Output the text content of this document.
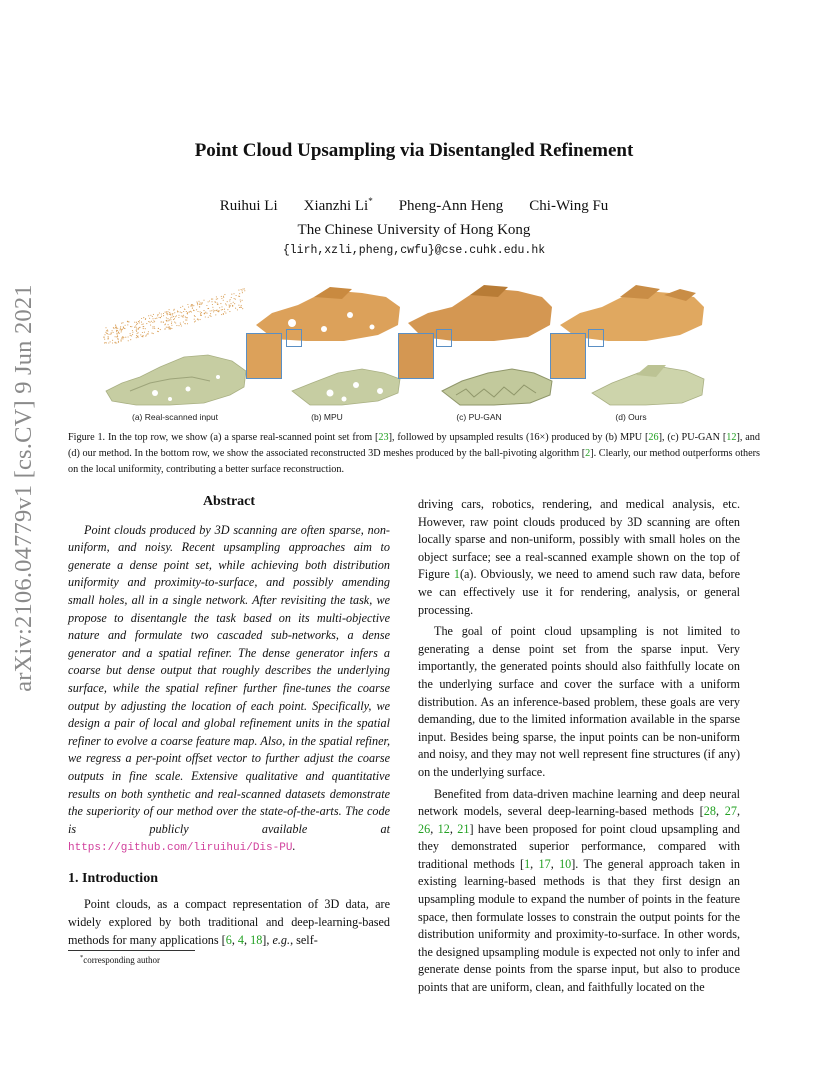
arXiv:2106.04779v1 [cs.CV] 9 Jun 2021
Point Cloud Upsampling via Disentangled Refinement
Ruihui Li Xianzhi Li* Pheng-Ann Heng Chi-Wing Fu
The Chinese University of Hong Kong
{lirh,xzli,pheng,cwfu}@cse.cuhk.edu.hk
(a) Real-scanned input	(b) MPU	(c) PU-GAN	(d) Ours
Figure 1. In the top row, we show (a) a sparse real-scanned point set from [23], followed by upsampled results (16×) produced by (b) MPU [26], (c) PU-GAN [12], and (d) our method. In the bottom row, we show the associated reconstructed 3D meshes produced by the ball-pivoting algorithm [2]. Clearly, our method outperforms others on the local uniformity, contributing a better surface reconstruction.
Abstract

Point clouds produced by 3D scanning are often sparse, non-uniform, and noisy. Recent upsampling approaches aim to generate a dense point set, while achieving both distribution uniformity and proximity-to-surface, and possibly amending small holes, all in a single network. After revisiting the task, we propose to disentangle the task based on its multi-objective nature and formulate two cascaded sub-networks, a dense generator and a spatial refiner. The dense generator infers a coarse but dense output that roughly describes the underlying surface, while the spatial refiner further fine-tunes the coarse output by adjusting the location of each point. Specifically, we design a pair of local and global refinement units in the spatial refiner to evolve a coarse feature map. Also, in the spatial refiner, we regress a per-point offset vector to further adjust the coarse outputs in fine scale. Extensive qualitative and quantitative results on both synthetic and real-scanned datasets demonstrate the superiority of our method over the state-of-the-arts. The code is publicly available at https://github.com/liruihui/Dis-PU.

1. Introduction

Point clouds, as a compact representation of 3D data, are widely explored by both traditional and deep-learning-based methods for many applications [6, 4, 18], e.g., self-

*corresponding author

driving cars, robotics, rendering, and medical analysis, etc. However, raw point clouds produced by 3D scanning are often locally sparse and non-uniform, possibly with small holes on the object surface; see a real-scanned example shown on the top of Figure 1(a). Obviously, we need to amend such raw data, before we can effectively use it for rendering, analysis, or general processing.

The goal of point cloud upsampling is not limited to generating a dense point set from the sparse input. Very importantly, the generated points should also faithfully locate on the underlying surface and cover the surface with a uniform distribution. As an inference-based problem, these goals are very demanding, due to the limited information available in the sparse input. Besides being sparse, the input points can be non-uniform and noisy, and they may not well represent fine structures (if any) on the underlying surface.

Benefited from data-driven machine learning and deep neural network models, several deep-learning-based methods [28, 27, 26, 12, 21] have been proposed for point cloud upsampling and they demonstrated superior performance, compared with traditional methods [1, 17, 10]. The general approach taken in existing learning-based methods is that they first design an upsampling module to expand the number of points in the feature space, then formulate losses to constrain the output points for the distribution uniformity and proximity-to-surface. In other words, the designed upsampling module is expected not only to infer and generate dense points from the sparse input, but also to produce points that are uniform, clean, and faithfully located on the
